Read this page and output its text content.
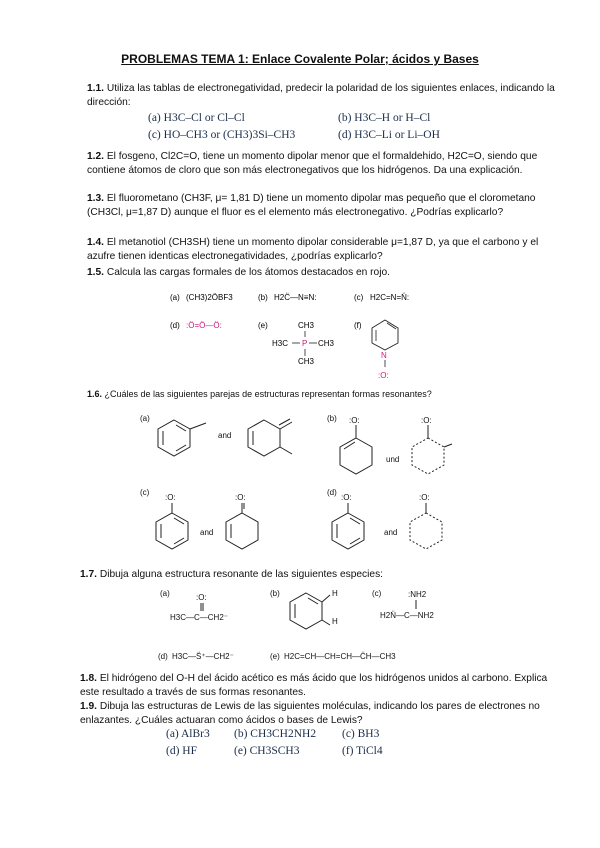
PROBLEMAS TEMA 1: Enlace Covalente Polar; ácidos y Bases
1.1. Utiliza las tablas de electronegatividad, predecir la polaridad de los siguientes enlaces, indicando la dirección:
(a) H3C–Cl or Cl–Cl	(b) H3C–H or H–Cl
(c) HO–CH3 or (CH3)3Si–CH3	(d) H3C–Li or Li–OH
1.2. El fosgeno, Cl2C=O, tiene un momento dipolar menor que el formaldehido, H2C=O, siendo que contiene átomos de cloro que son más electronegativos que los hidrógenos. Da una explicación.
1.3. El fluorometano (CH3F, μ= 1,81 D) tiene un momento dipolar mas pequeño que el clorometano (CH3Cl, μ=1,87 D) aunque el fluor es el elemento más electronegativo. ¿Podrías explicarlo?
1.4. El metanotiol (CH3SH) tiene un momento dipolar considerable μ=1,87 D, ya que el carbono y el azufre tienen identicas electronegatividades, ¿podrías explicarlo?
1.5. Calcula las cargas formales de los átomos destacados en rojo.
(a) (CH3)2ÖBF3	(b) H2C̈—N≡N:	(c) H2C=N=N̈:
(d) :Ö=Ö—Ö:	(e)	CH3
H3C P CH3
CH3
(f)
N
:O:
1.6. ¿Cuáles de las siguientes parejas de estructuras representan formas resonantes?
(a)
and
(b) :O:
und
:O:
(c)
:O:
and
:O:
(d)
:O:
and
:O:
1.7. Dibuja alguna estructura resonante de las siguientes especies:
(a)	:O:
H3C—C—CH2⁻
(b)	H
H
(c)	:NH2
H2N̈—C—NH2
(d) H3C—S̈⁺—CH2⁻	(e) H2C=CH—CH=CH—C̈H—CH3
1.8. El hidrógeno del O-H del ácido acético es más ácido que los hidrógenos unidos al carbono. Explica este resultado a través de sus formas resonantes.
1.9. Dibuja las estructuras de Lewis de las siguientes moléculas, indicando los pares de electrones no enlazantes. ¿Cuáles actuaran como ácidos o bases de Lewis?
(a) AlBr3 (b) CH3CH2NH2 (c) BH3
(d) HF	(e) CH3SCH3	(f) TiCl4
